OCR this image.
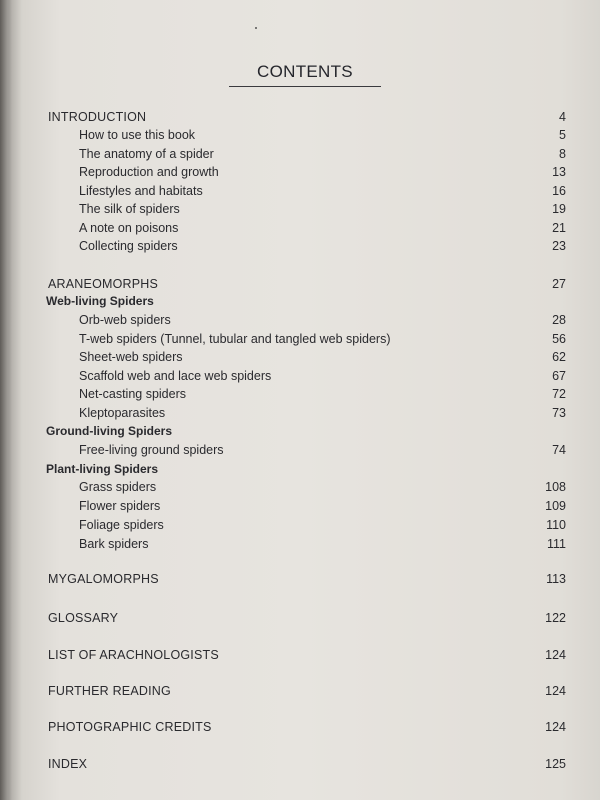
CONTENTS
INTRODUCTION	4
How to use this book	5
The anatomy of a spider	8
Reproduction and growth	13
Lifestyles and habitats	16
The silk of spiders	19
A note on poisons	21
Collecting spiders	23
ARANEOMORPHS	27
Web-living Spiders
Orb-web spiders	28
T-web spiders (Tunnel, tubular and tangled web spiders)	56
Sheet-web spiders	62
Scaffold web and lace web spiders	67
Net-casting spiders	72
Kleptoparasites	73
Ground-living Spiders
Free-living ground spiders	74
Plant-living Spiders
Grass spiders	108
Flower spiders	109
Foliage spiders	110
Bark spiders	111
MYGALOMORPHS	113
GLOSSARY	122
LIST OF ARACHNOLOGISTS	124
FURTHER READING	124
PHOTOGRAPHIC CREDITS	124
INDEX	125
